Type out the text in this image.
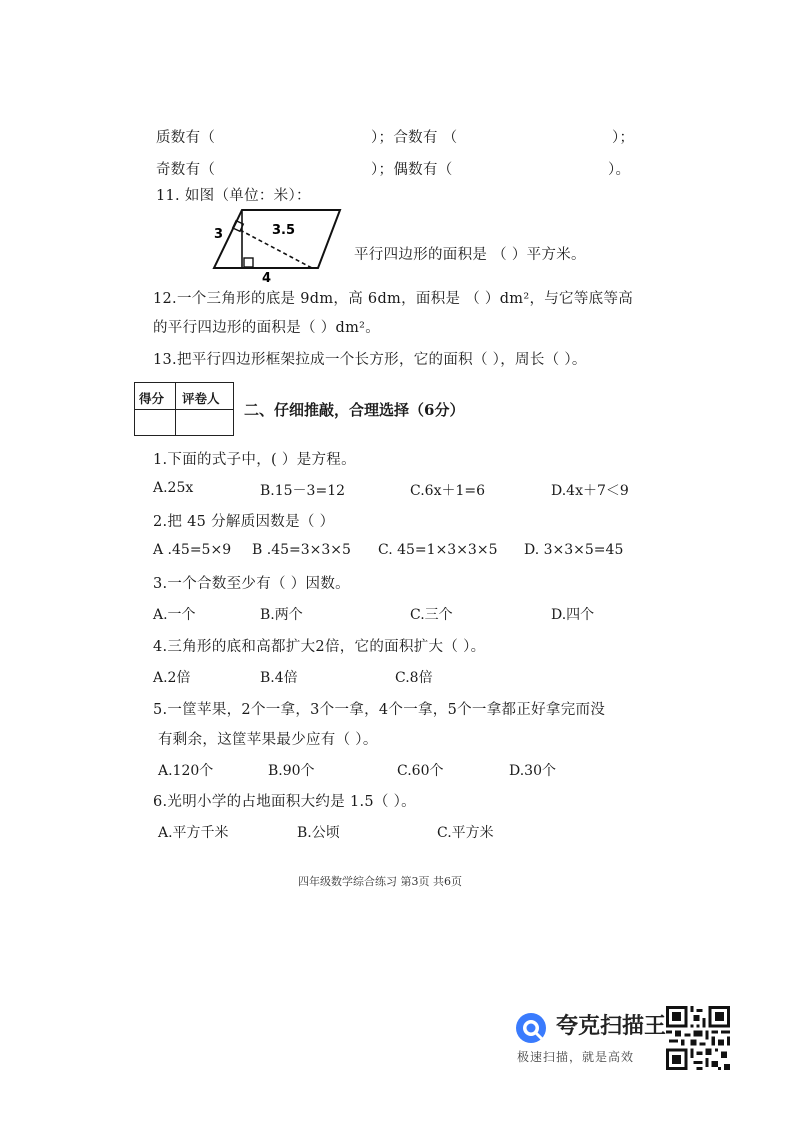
质数有（	）；合数有 （	）；
奇数有（	）；偶数有（	）。
11. 如图（单位：米）：
3	3.5
4
平行四边形的面积是 （ ）平方米。
12.一个三角形的底是 9dm，高 6dm，面积是 （ ）dm²，与它等底等高
的平行四边形的面积是（ ）dm²。
13.把平行四边形框架拉成一个长方形，它的面积（ ），周长（ ）。
得分 评卷人
二、仔细推敲，合理选择（6分）
1.下面的式子中，( ）是方程。
A.25x	B.15－3=12	C.6x＋1=6	D.4x＋7＜9
2.把 45 分解质因数是（ ）
A .45=5×9 B .45=3×3×5 C. 45=1×3×3×5 D. 3×3×5=45
3.一个合数至少有（ ）因数。
A.一个	B.两个	C.三个	D.四个
4.三角形的底和高都扩大2倍，它的面积扩大（ ）。
A.2倍	B.4倍	C.8倍
5.一筐苹果，2个一拿，3个一拿，4个一拿，5个一拿都正好拿完而没
有剩余，这筐苹果最少应有（ ）。
A.120个	B.90个	C.60个	D.30个
6.光明小学的占地面积大约是 1.5（ ）。
A.平方千米	B.公顷	C.平方米
四年级数学综合练习 第3页 共6页
夸克扫描王
极速扫描，就是高效
